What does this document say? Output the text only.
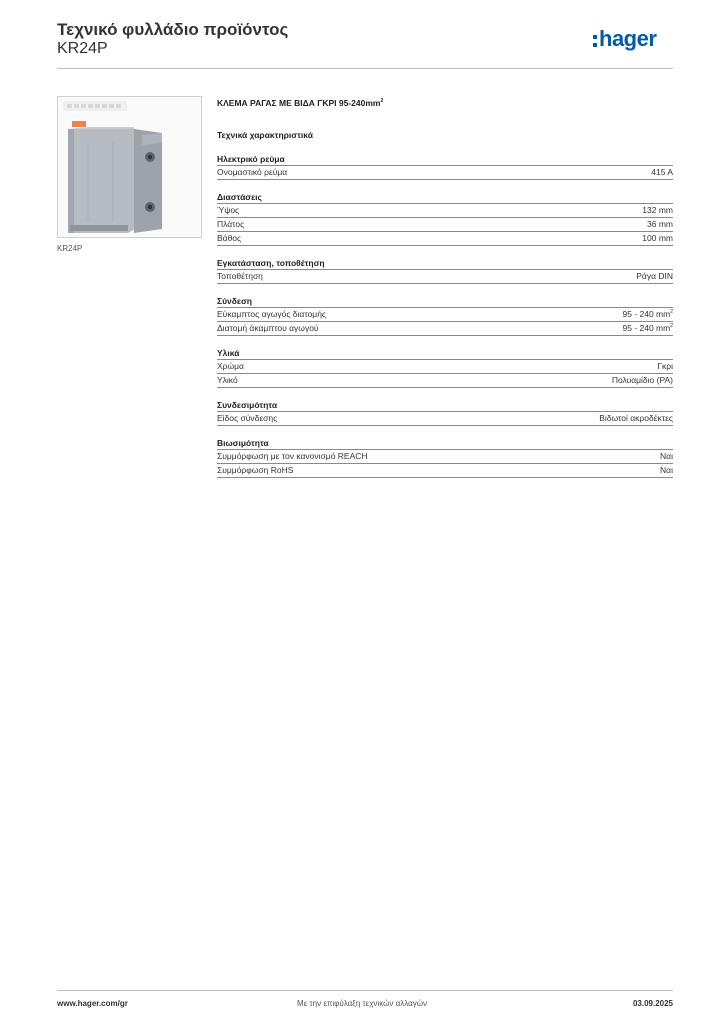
Τεχνικό φυλλάδιο προϊόντος
KR24P	hager
KR24P
ΚΛΕΜΑ ΡΑΓΑΣ ΜΕ ΒΙΔΑ ΓΚΡΙ $95-240mm^2$
Τεχνικά χαρακτηριστικά
Ηλεκτρικό ρεύμα
Ονομαστικό ρεύμα	415 A
Διαστάσεις
Ύψος	132 mm
Πλάτος	36 mm
Βάθος	100 mm
Εγκατάσταση, τοποθέτηση
Τοποθέτηση	Ράγα DIN
Σύνδεση
Εύκαμπτος αγωγός διατομής	95 - 240 $mm^2$
Διατομή άκαμπτου αγωγού	95 - 240 $mm^2$
Υλικά
Χρώμα	Γκρι
Υλικό	Πολυαμίδιο (PA)
Συνδεσιμότητα
Είδος σύνδεσης	Βιδωτοί ακροδέκτες
Βιωσιμότητα
Συμμόρφωση με τον κανονισμό REACH	Ναι
Συμμόρφωση RoHS	Ναι
www.hager.com/gr	Με την επιφύλαξη τεχνικών αλλαγών	03.09.2025
